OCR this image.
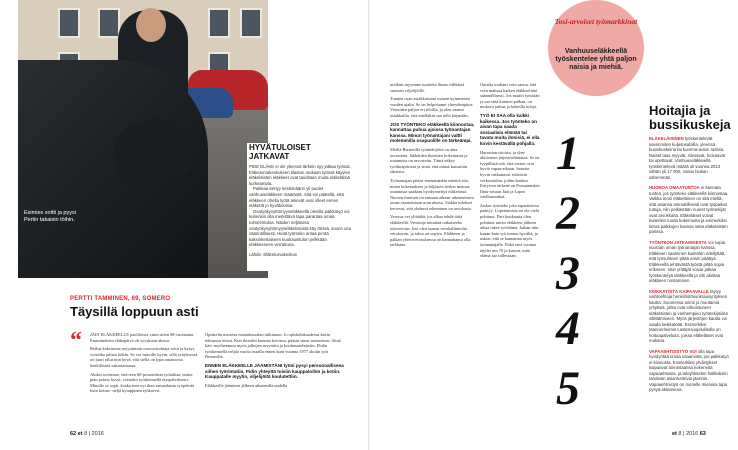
Esimies soitti ja pyysi Pertin takaisin töihin.
HYVÄTULOISET JATKAVAT

PIDE ELÄKE ei ole yleensä tärkein syy jatkaa työssä. Eläketurvakeskuksen tilaston mukaan työssä käyvien eläkeläisten eläkkeet ovat tasoltaan muita eläkeläisiä korkeampia.

Paikkaa kertyy keskimäärin yli puolet vanhuuseläkkeen määrästä. Sitä voi päätellä, että eläkkeen ohella työtä tekevät ovat olleet ennen eläkettä jo hyvätuloisia.

Osatyökyvyttömyyseläkkeellä olevilla palkkatyö voi kuitenkin olla merkittävä tapa parantaa omaa toimeentuloa. Näiden neljäsosa osatyökyvyttömyyseläkeläisistä käy töissä, suurin osa säännöllisesti. Heitä työnteko antaa perää kaksinkertaiseen kuukausitulon pelkkään eläkkeeseen verrattuna.

Lähde: Eläketurvakeskus
PERTTI TAMMINEN, 69, SOMERO
Täysillä loppuun asti
“ JÄIN ELÄKKEELLE paoliloista vasta sitten 68-vuotiaana. Emmimäinen eläkepäivä oli syyskuun alussa.

Reilua kaksisataa myyntimiin osavuosiohtaja seitti ja kysyi, voisinko palata töihin. Se voi mitoille hyvin, sillä yrityksessä on juuri ollut niin hyvä, että siellä on jopa omattavaa henkilöstöä sairastamassa.

Aluksi sovimme, että teen 60-prosenttista työtaikaa, mutta pian poimo kysyi, voisinko työskennellä täyspäiväisesti. Minulle se sopii, koska teen nyt ihan samanlaista työpäivää kuin kolme- neljä kymppinen työkaveri.

Opiskelin nuorena maatalousalan tutkinnon. Jo opiskelukaudessa kävin tehtaassa töissä. Kun ilmoitin kunnan kotiinsa, pääsin sinne tuotantoon. Siinä kävi myöhemmin myös jalkojen myyntiin ja koulutustehtäviin. Ehdin työskennellä neljää vuotta maalla ennen kuin vuonna 1977 aloitin työt Bernerillä.

ENNEN ELÄKKEELLE JÄÄMISTÄNI työni pysyi persoonallisena siihen työrintatiin. Pidin yhteyttä toisiin kauppaloihin ja kotiin. Kauppatalle myytin, viljelijöitä koulutettiin.

Eläkkeelle jäämisen jälkeen aikanenlla uudella

62 et 8 | 2016

urallani myymme tuotteita ilman välikäsiä suoraan viljelijöille.

Tunnen osan asiakkaistani monen kymmenen vuoden ajalta. Se on helpottanut yhteydenpitoa. Vieraiden paljon eri tiloilla, ja olen saanut asiakkailta, että mielläkin saa tulla käymään.

JOS TYÖNTEKO eläkkeellä kiinnostaa, kannattaa puhua ajoissa työnantajan kanssa. Minun työnantajani valtti molemmilla osapuolille on tärkeämpi.

Meillä Bernerillä työntekijöitä on aina arvostettu. Iäkkäiden ihmisten kokemusta ja osaamista on arvostettu. Tämä näkyy työilmapiirissä ja siinä, että minut kutsuttiin takaisin.

Työnantajan pitäisi enemmänkin miettiä sitä, miten kokemuksen ja hiljaisen tiedon tuomaa osaamista saadaan hyödynnettyä eläkeiässä. Nuoren ihmisen on samaan aikaan rakennettava omaa osaamistaan uran alussa. Vaikka tulokset kertovat, että yhdessä tekeminen on arvokasta.

Verotus vei ylitäältä, jos alkaa tehdä töitä eläkkeellä. Verottaja nimittää ratkaiseeko tuloverotus. Itse olen saanut verohallinnolta verokortin, ja taksa on sopiva. Eläkkeen ja palkan yhteisverotuksessa on kannattanut olla tarkkana.

Omalta osaltani voin sanoa, että voin maksaa kaiken eläkkeeltäni säännöllisesti. Jos nauttii työstään ja saa siitä kunnon palkan, on mukava jatkaa ja kokeilla tuloja.

TYÖ EI SAA olla kaikki kaikessa. Jos työnteko on aivan tapa saada sosiaalisia elämää tai tavata muita ihmisiä, ei olla kovin kestävällä pohjalla.

Harrastan sitoista, ja olen aktiivinen järjestöelämässä. Se on tyypillistä sitä, että menot ovat hyviä vapaa-aikaan. Sanotte hyvin vaikuttavat erilaisiin verkostoihin, joihin kuulun. Erityisen tärkeää on Porsaanmäen Ilmu-seuran Jäät ja Lapin vaellusmatkat.

Joskus työnteko joka tapauksessa päättyy. Lopettamista en ole vielä pohtinut. Pari kuukautta olen pohtinut miten eläkkeen jälkeen aikaa tukee työelämä. Jatkan niin kauan kuin työ tuntuu hyvältä, ja uskon, että se kannattaa myös työnantajalle. Ehkä ensi vuonna täytän sen 70 ja katson, mitä elämä tuo tullessaan.

Tosi-arvoiset työmarkkinat
Vanhuuseläkkeellä työskentelee yhtä paljon naisia ja miehiä.
Hoitajia ja bussikuskeja
1
2
3
4
5

ELÄKELÄISINEN työskentelevät useimmiten kuljetusaloilla, yleensä bussikuskeina tai kuorma-auton ratissa. Naiset taas myyvät, siivoavat, hoivaavat tai opettavat. Vanhuuseläkkeellä työskentelevä määrä oli vuonna 2013 vähän yli 17 000, naisia hiukan vähemmän.

HUONOA OMAATUNTOA ei kannata tuntea, jos työnteko eläkkeellä kiinnostaa. Vaikka moni eläkeläinen on sitä mieltä, että asiansa ammatillisesti ovat työpaikat tuttuja, niin pelkästään nuoret työntekijät ovat arvokkaita. Eläkeläiset voivat kuitenkin tuoda kokemusta ja esimerkiksi tietoa palkkojen kanssa sekä eläkeläisten parissa.

TYÖNTEON JATKAMISESTA voi sopia suoraan oman työnantajan kanssa. Eläkkeen saaminen kuitenkin edellyttää, että työsuhteen pitää ensin päättyä. Eläkkeellä tehtävästä työstä pitää sopia erikseen. Vain yrittäjät voivat jatkaa työskentelyä eläkkeellä ja silti aloittaa eläkkeen nostamisen.

KEIKKATÖITÄ KAIPAAVALLE löytyy vaihtoehtoja henkilöstövuokrausyrityksen kautta. Suomessa toimii jo muutamia yrityksiä, jotka ovat erikoistuneet eläkeläisten ja vanhempien työntekijöiden välittämiseen. Myös järjestöjen kautta voi saada keikkatöitä. Esimerkiksi Mannerheimin Lastensuojeluliitolla on hoitoapalveluita, joissa eläkeläiset ovat mukana.

VAPAAEHTOISTYÖ VOI olla tapa hyödyntää omaa osaamista, jos palkkatyö ei kiinnosta. Esimerkiksi yhdistykset kaipaavat toimintaansa kokeneita vapaaehtoisia, ja taloyhtiöiden hallituksiin tarvitaan asiantuntevia jäseniä. Vapaaehtoistyö on monelle mieluisa tapa pysyä aktiivisena.

et 8 | 2016 63
